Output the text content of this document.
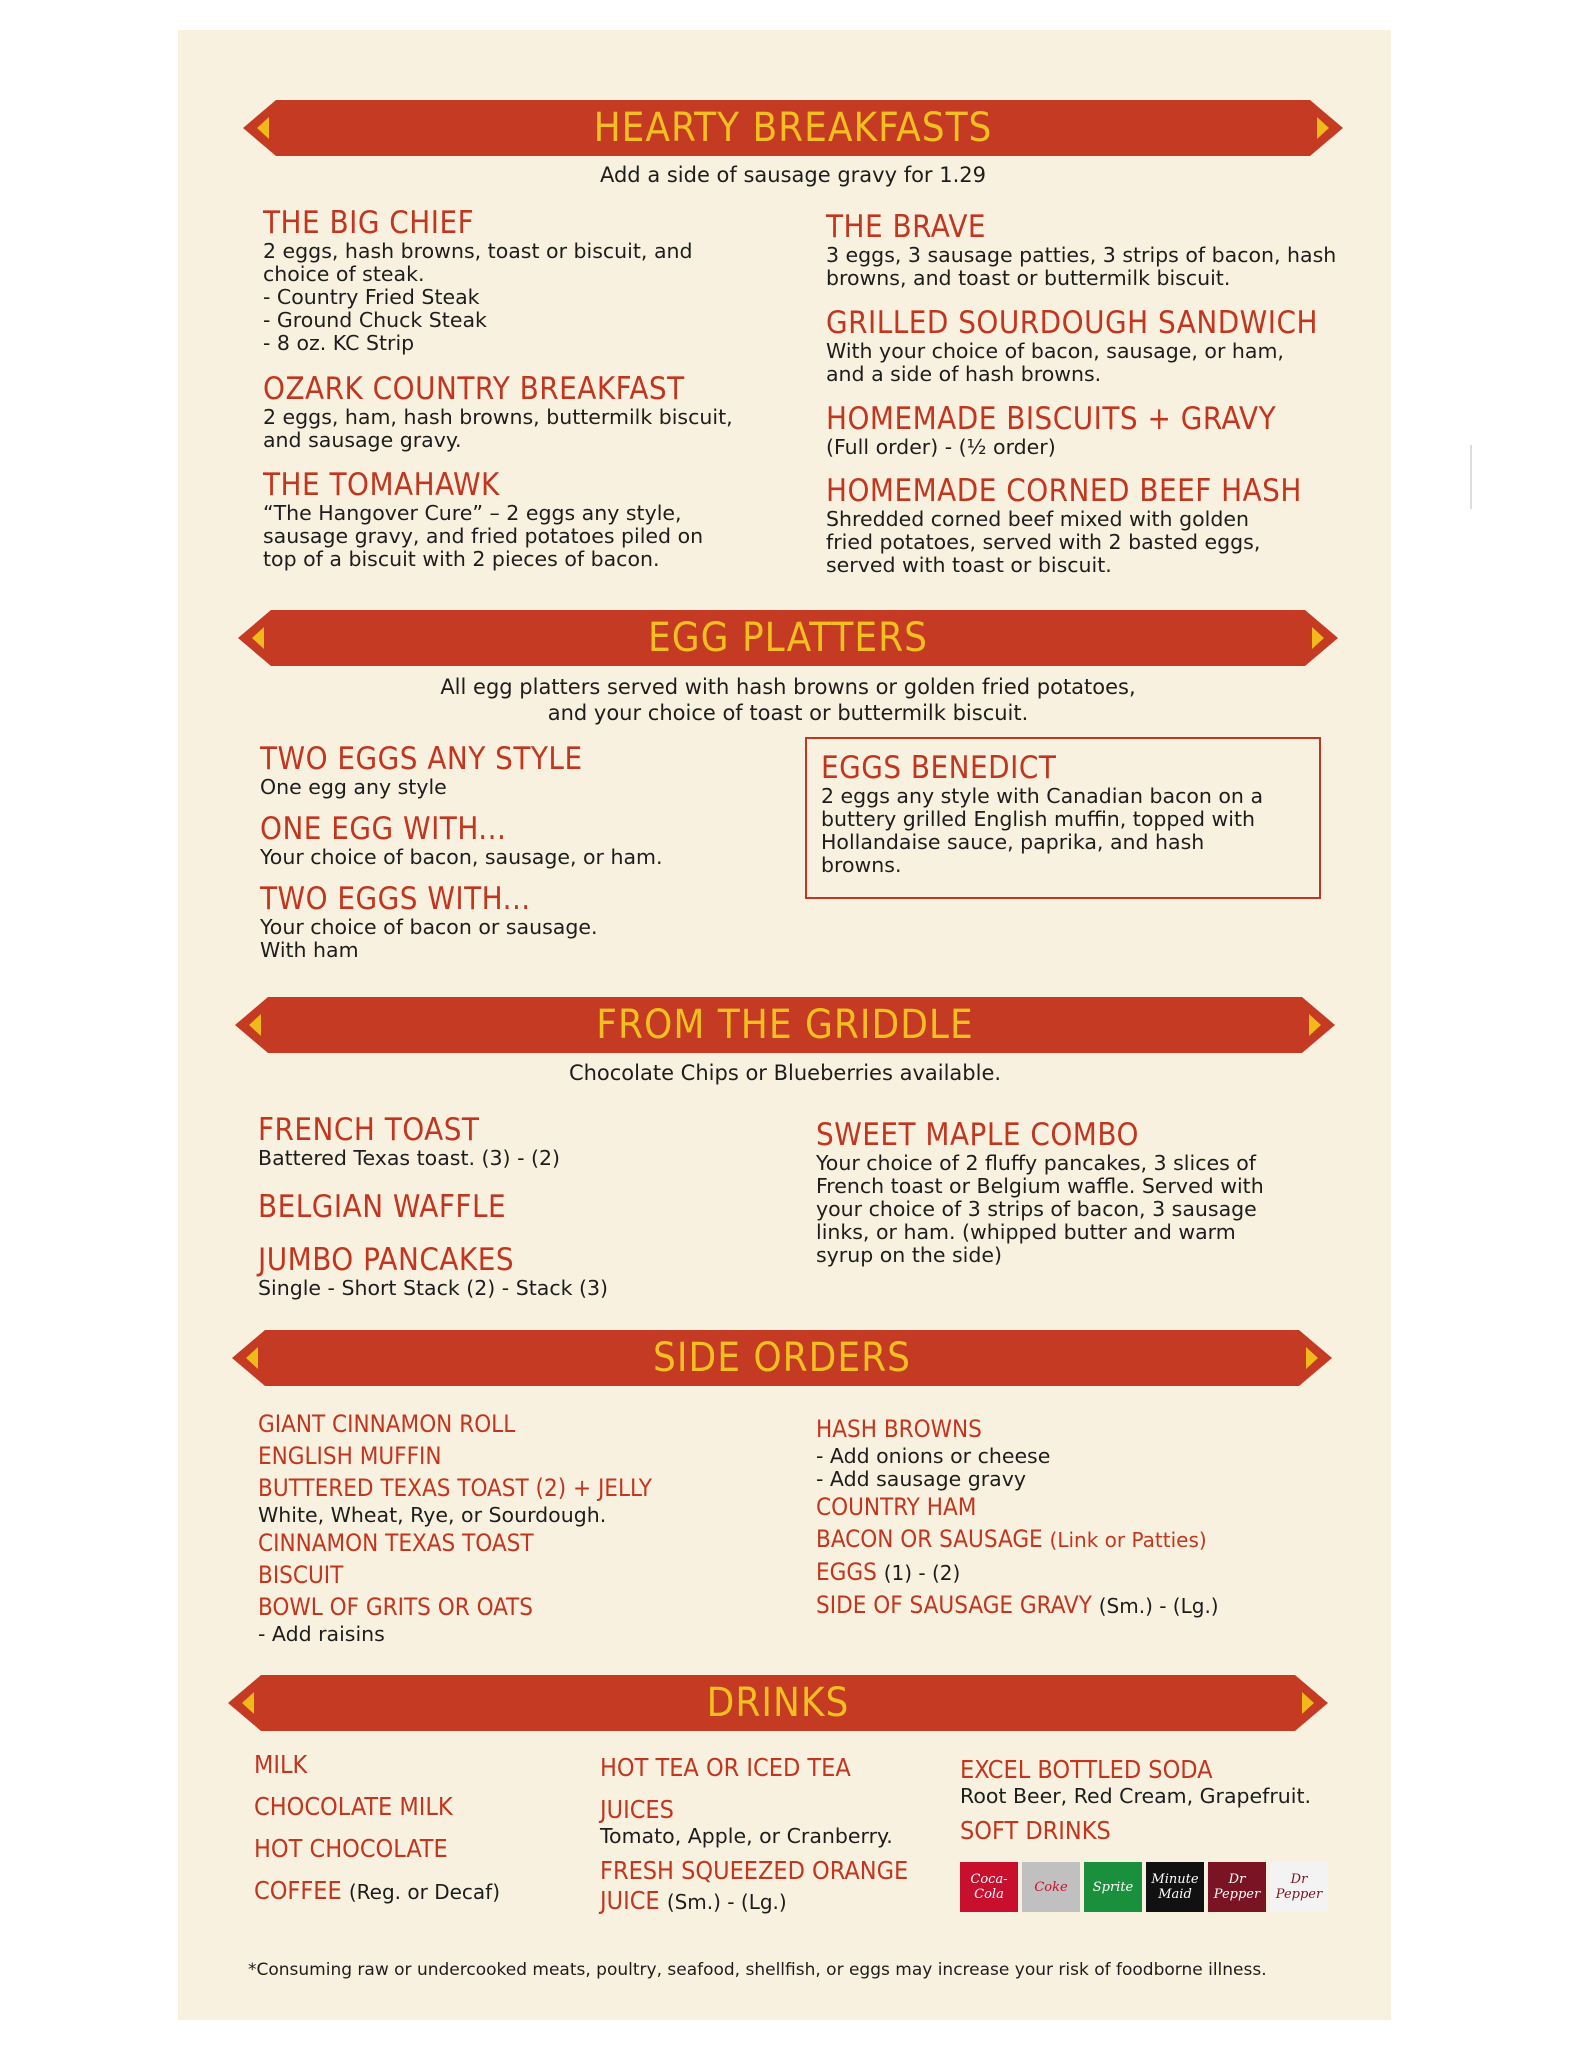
HEARTY BREAKFASTS
Add a side of sausage gravy for 1.29
THE BIG CHIEF
2 eggs, hash browns, toast or biscuit, and
choice of steak.
- Country Fried Steak
- Ground Chuck Steak
- 8 oz. KC Strip
OZARK COUNTRY BREAKFAST
2 eggs, ham, hash browns, buttermilk biscuit,
and sausage gravy.
THE TOMAHAWK
“The Hangover Cure” – 2 eggs any style,
sausage gravy, and fried potatoes piled on
top of a biscuit with 2 pieces of bacon.
THE BRAVE
3 eggs, 3 sausage patties, 3 strips of bacon, hash
browns, and toast or buttermilk biscuit.
GRILLED SOURDOUGH SANDWICH
With your choice of bacon, sausage, or ham,
and a side of hash browns.
HOMEMADE BISCUITS + GRAVY
(Full order) - (½ order)
HOMEMADE CORNED BEEF HASH
Shredded corned beef mixed with golden
fried potatoes, served with 2 basted eggs,
served with toast or biscuit.
EGG PLATTERS
All egg platters served with hash browns or golden fried potatoes,
and your choice of toast or buttermilk biscuit.
TWO EGGS ANY STYLE
One egg any style
ONE EGG WITH...
Your choice of bacon, sausage, or ham.
TWO EGGS WITH...
Your choice of bacon or sausage.
With ham
EGGS BENEDICT
2 eggs any style with Canadian bacon on a
buttery grilled English muffin, topped with
Hollandaise sauce, paprika, and hash
browns.
FROM THE GRIDDLE
Chocolate Chips or Blueberries available.
FRENCH TOAST
Battered Texas toast. (3) - (2)
BELGIAN WAFFLE
JUMBO PANCAKES
Single - Short Stack (2) - Stack (3)
SWEET MAPLE COMBO
Your choice of 2 fluffy pancakes, 3 slices of
French toast or Belgium waffle. Served with
your choice of 3 strips of bacon, 3 sausage
links, or ham. (whipped butter and warm
syrup on the side)
SIDE ORDERS
GIANT CINNAMON ROLL
ENGLISH MUFFIN
BUTTERED TEXAS TOAST (2) + JELLY
White, Wheat, Rye, or Sourdough.
CINNAMON TEXAS TOAST
BISCUIT
BOWL OF GRITS OR OATS
- Add raisins
HASH BROWNS
- Add onions or cheese
- Add sausage gravy
COUNTRY HAM
BACON OR SAUSAGE (Link or Patties)
EGGS (1) - (2)
SIDE OF SAUSAGE GRAVY (Sm.) - (Lg.)
DRINKS
MILK
CHOCOLATE MILK
HOT CHOCOLATE
COFFEE (Reg. or Decaf)
HOT TEA OR ICED TEA
JUICES
Tomato, Apple, or Cranberry.
FRESH SQUEEZED ORANGE
JUICE (Sm.) - (Lg.)
EXCEL BOTTLED SODA
Root Beer, Red Cream, Grapefruit.
SOFT DRINKS
Coca-Cola	Coke Sprite	Minute Maid
Dr Pepper
Dr Pepper
*Consuming raw or undercooked meats, poultry, seafood, shellfish, or eggs may increase your risk of foodborne illness.
